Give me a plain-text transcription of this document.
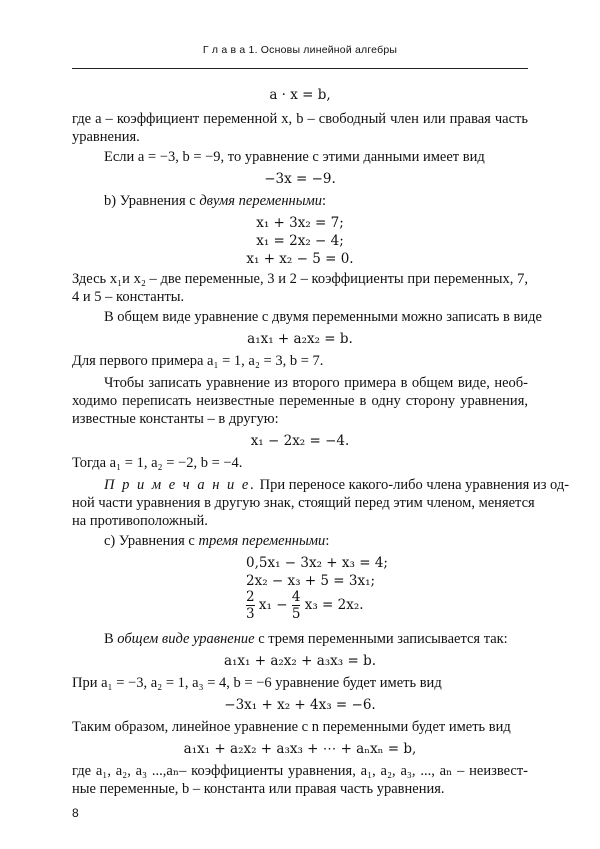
Г л а в а 1. Основы линейной алгебры
a · x = b,
где a – коэффициент переменной x, b – свободный член или правая часть
уравнения.
Если a = −3, b = −9, то уравнение с этими данными имеет вид
−3x = −9.
b) Уравнения с двумя переменными:
x₁ + 3x₂ = 7;
x₁ = 2x₂ − 4;
x₁ + x₂ − 5 = 0.
Здесь x₁и x₂ – две переменные, 3 и 2 – коэффициенты при переменных, 7,
4 и 5 – константы.
В общем виде уравнение с двумя переменными можно записать в виде
a₁x₁ + a₂x₂ = b.
Для первого примера a₁ = 1, a₂ = 3, b = 7.
Чтобы записать уравнение из второго примера в общем виде, необ-
ходимо переписать неизвестные переменные в одну сторону уравнения,
известные константы – в другую:
x₁ − 2x₂ = −4.
Тогда a₁ = 1, a₂ = −2, b = −4.
П р и м е ч а н и е. При переносе какого-либо члена уравнения из од-
ной части уравнения в другую знак, стоящий перед этим членом, меняется
на противоположный.
c) Уравнения с тремя переменными:
0,5x₁ − 3x₂ + x₃ = 4;
2x₂ − x₃ + 5 = 3x₁;
$\frac{2}{3} x_1 - \frac{4}{5} x_3 = 2x_2$.
В общем виде уравнение с тремя переменными записывается так:
a₁x₁ + a₂x₂ + a₃x₃ = b.
При a₁ = −3, a₂ = 1, a₃ = 4, b = −6 уравнение будет иметь вид
−3x₁ + x₂ + 4x₃ = −6.
Таким образом, линейное уравнение с n переменными будет иметь вид
a₁x₁ + a₂x₂ + a₃x₃ + ⋯ + aₙxₙ = b,
где a₁, a₂, a₃ ...,aₙ– коэффициенты уравнения, a₁, a₂, a₃, ..., aₙ – неизвест-
ные переменные, b – константа или правая часть уравнения.
8
